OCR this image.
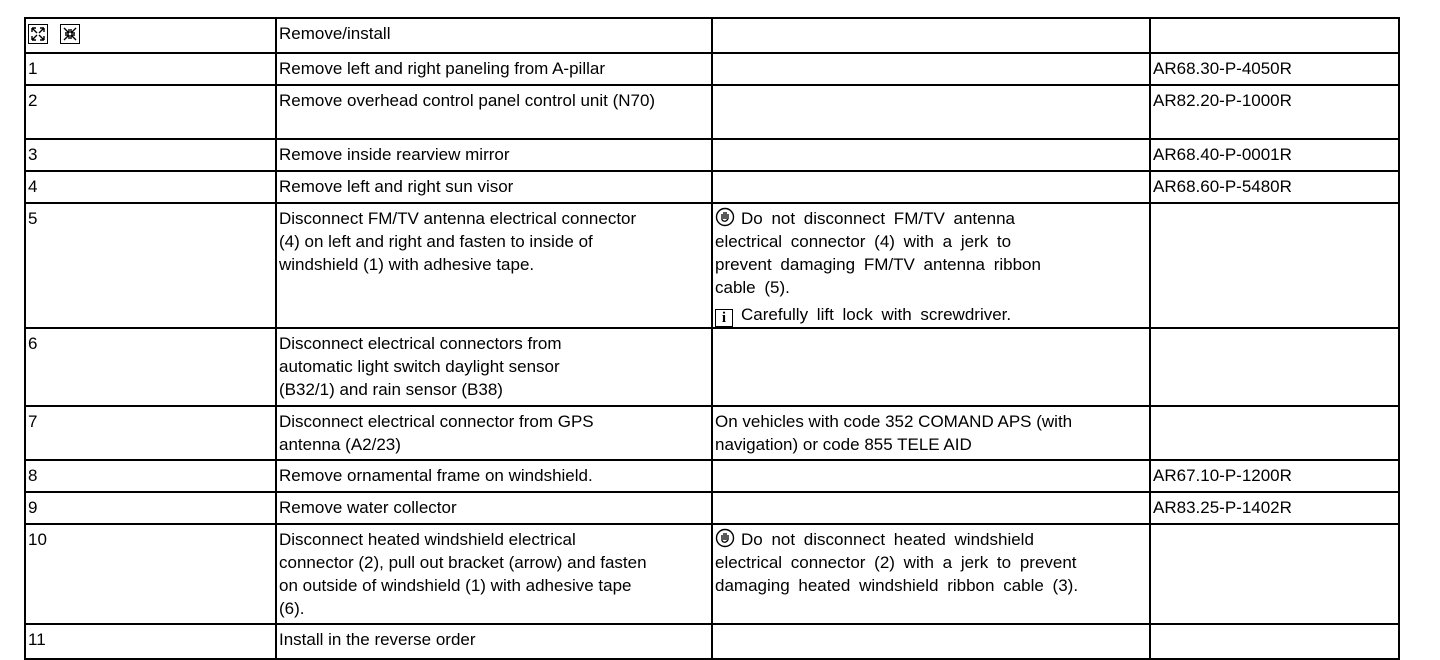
	Remove/install		
1	Remove left and right paneling from A-pillar		AR68.30-P-4050R
2	Remove overhead control panel control unit (N70)		AR82.20-P-1000R
3	Remove inside rearview mirror		AR68.40-P-0001R
4	Remove left and right sun visor		AR68.60-P-5480R
5	Disconnect FM/TV antenna electrical connector (4) on left and right and fasten to inside of windshield (1) with adhesive tape.	Do not disconnect FM/TV antenna electrical connector (4) with a jerk to prevent damaging FM/TV antenna ribbon cable (5).

i Carefully lift lock with screwdriver.	

6	Disconnect electrical connectors from automatic light switch daylight sensor (B32/1) and rain sensor (B38)		
7	Disconnect electrical connector from GPS antenna (A2/23)	On vehicles with code 352 COMAND APS (with navigation) or code 855 TELE AID	
8	Remove ornamental frame on windshield.		AR67.10-P-1200R
9	Remove water collector		AR83.25-P-1402R
10	Disconnect heated windshield electrical connector (2), pull out bracket (arrow) and fasten on outside of windshield (1) with adhesive tape (6).	Do not disconnect heated windshield electrical connector (2) with a jerk to prevent damaging heated windshield ribbon cable (3).	

11	Install in the reverse order		
